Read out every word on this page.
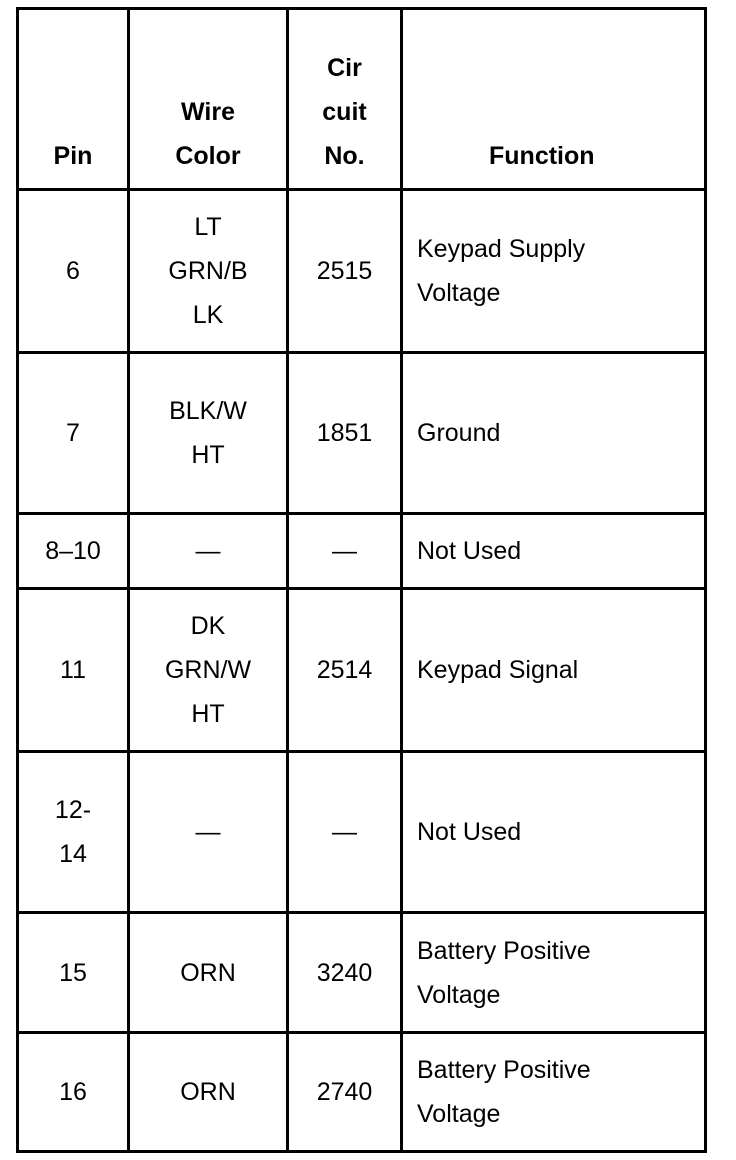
Pin	Wire Color	Cir cuit No.	Function

6	LT GRN/B LK	2515	Keypad Supply Voltage

7	BLK/W HT	1851	Ground

8–10	—	—	Not Used

11	DK GRN/W HT	2514	Keypad Signal

12- 14	—	—	Not Used

15	ORN	3240	Battery Positive Voltage

16	ORN	2740	Battery Positive Voltage
